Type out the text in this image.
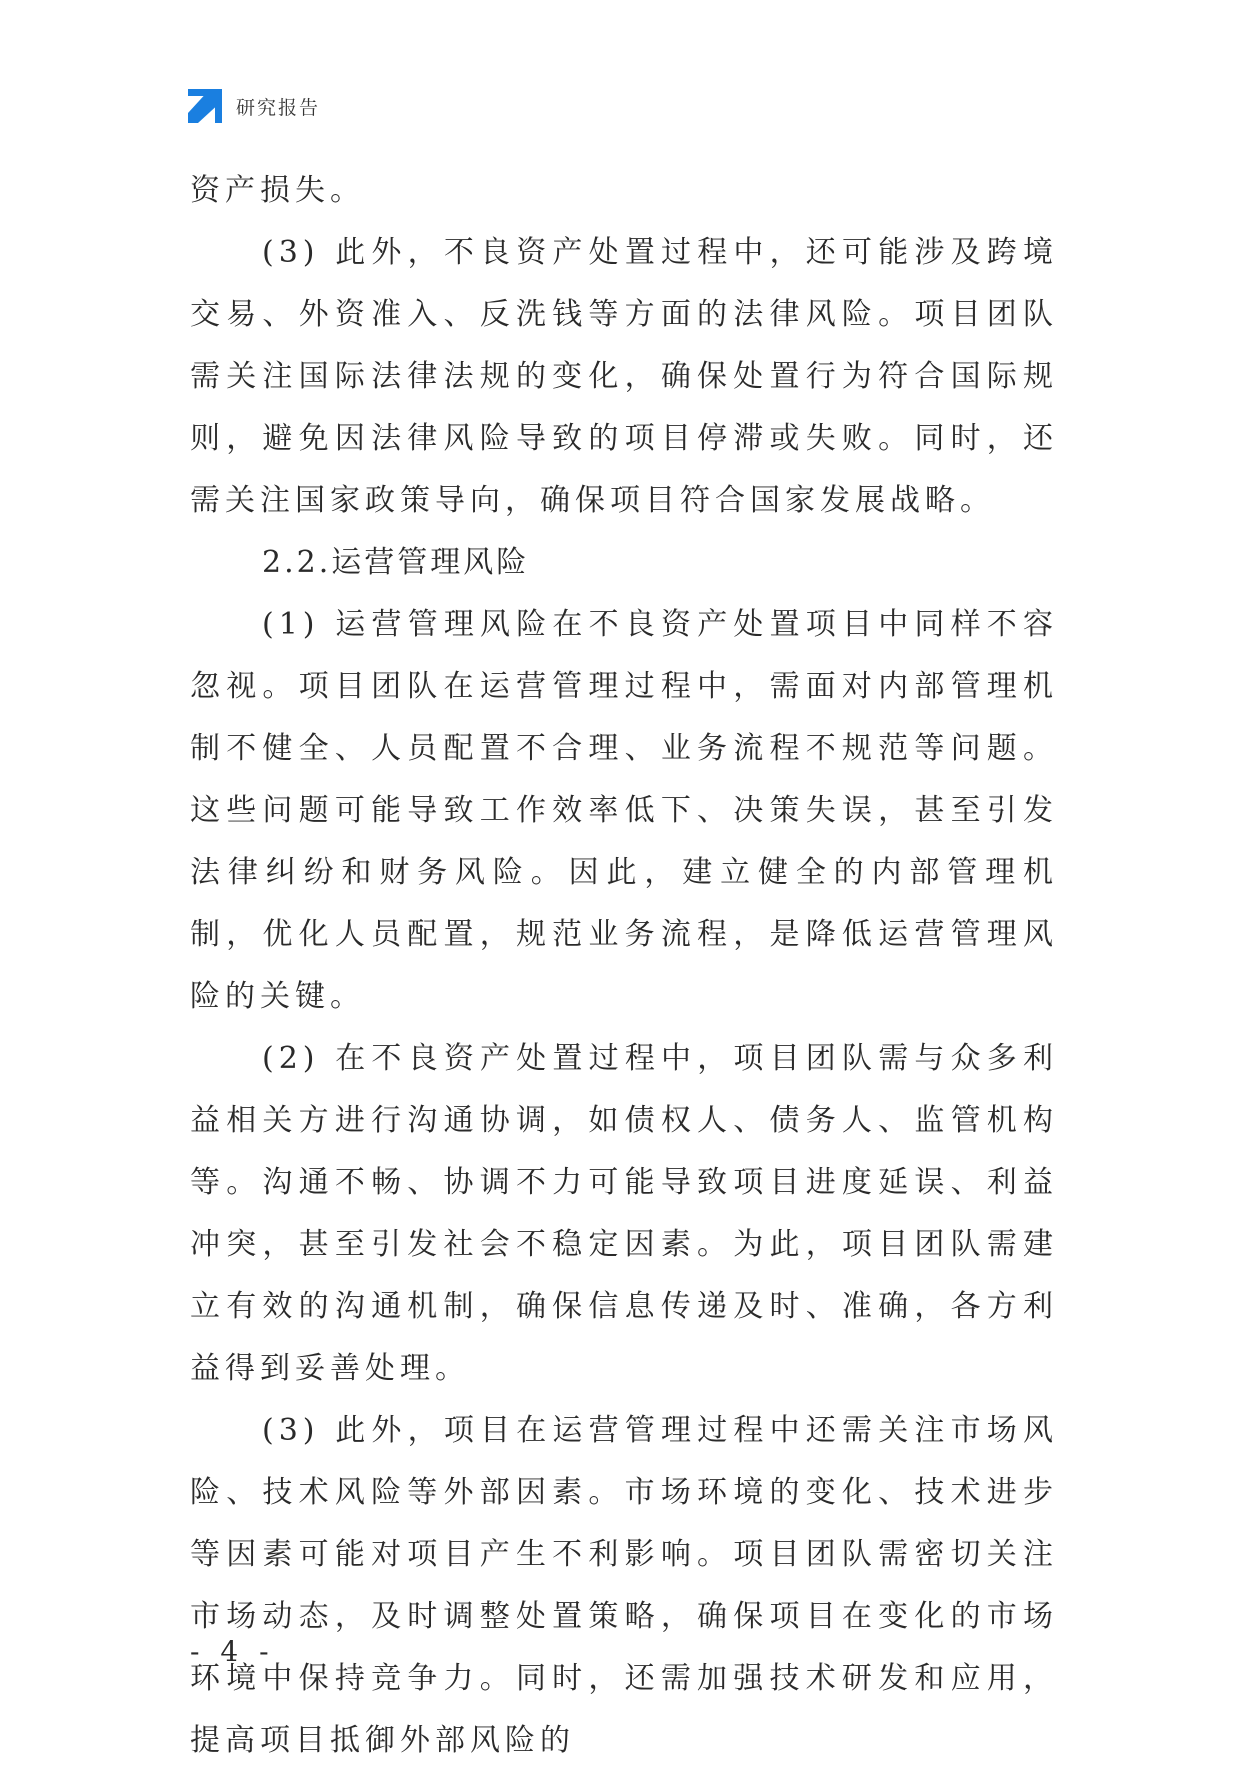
研究报告

资产损失。

(3) 此外，不良资产处置过程中，还可能涉及跨境交易、外资准入、反洗钱等方面的法律风险。项目团队需关注国际法律法规的变化，确保处置行为符合国际规则，避免因法律风险导致的项目停滞或失败。同时，还需关注国家政策导向，确保项目符合国家发展战略。

2.2.运营管理风险

(1) 运营管理风险在不良资产处置项目中同样不容忽视。项目团队在运营管理过程中，需面对内部管理机制不健全、人员配置不合理、业务流程不规范等问题。这些问题可能导致工作效率低下、决策失误，甚至引发法律纠纷和财务风险。因此，建立健全的内部管理机制，优化人员配置，规范业务流程，是降低运营管理风险的关键。

(2) 在不良资产处置过程中，项目团队需与众多利益相关方进行沟通协调，如债权人、债务人、监管机构等。沟通不畅、协调不力可能导致项目进度延误、利益冲突，甚至引发社会不稳定因素。为此，项目团队需建立有效的沟通机制，确保信息传递及时、准确，各方利益得到妥善处理。

(3) 此外，项目在运营管理过程中还需关注市场风险、技术风险等外部因素。市场环境的变化、技术进步等因素可能对项目产生不利影响。项目团队需密切关注市场动态，及时调整处置策略，确保项目在变化的市场环境中保持竞争力。同时，还需加强技术研发和应用，提高项目抵御外部风险的

- 4 -
